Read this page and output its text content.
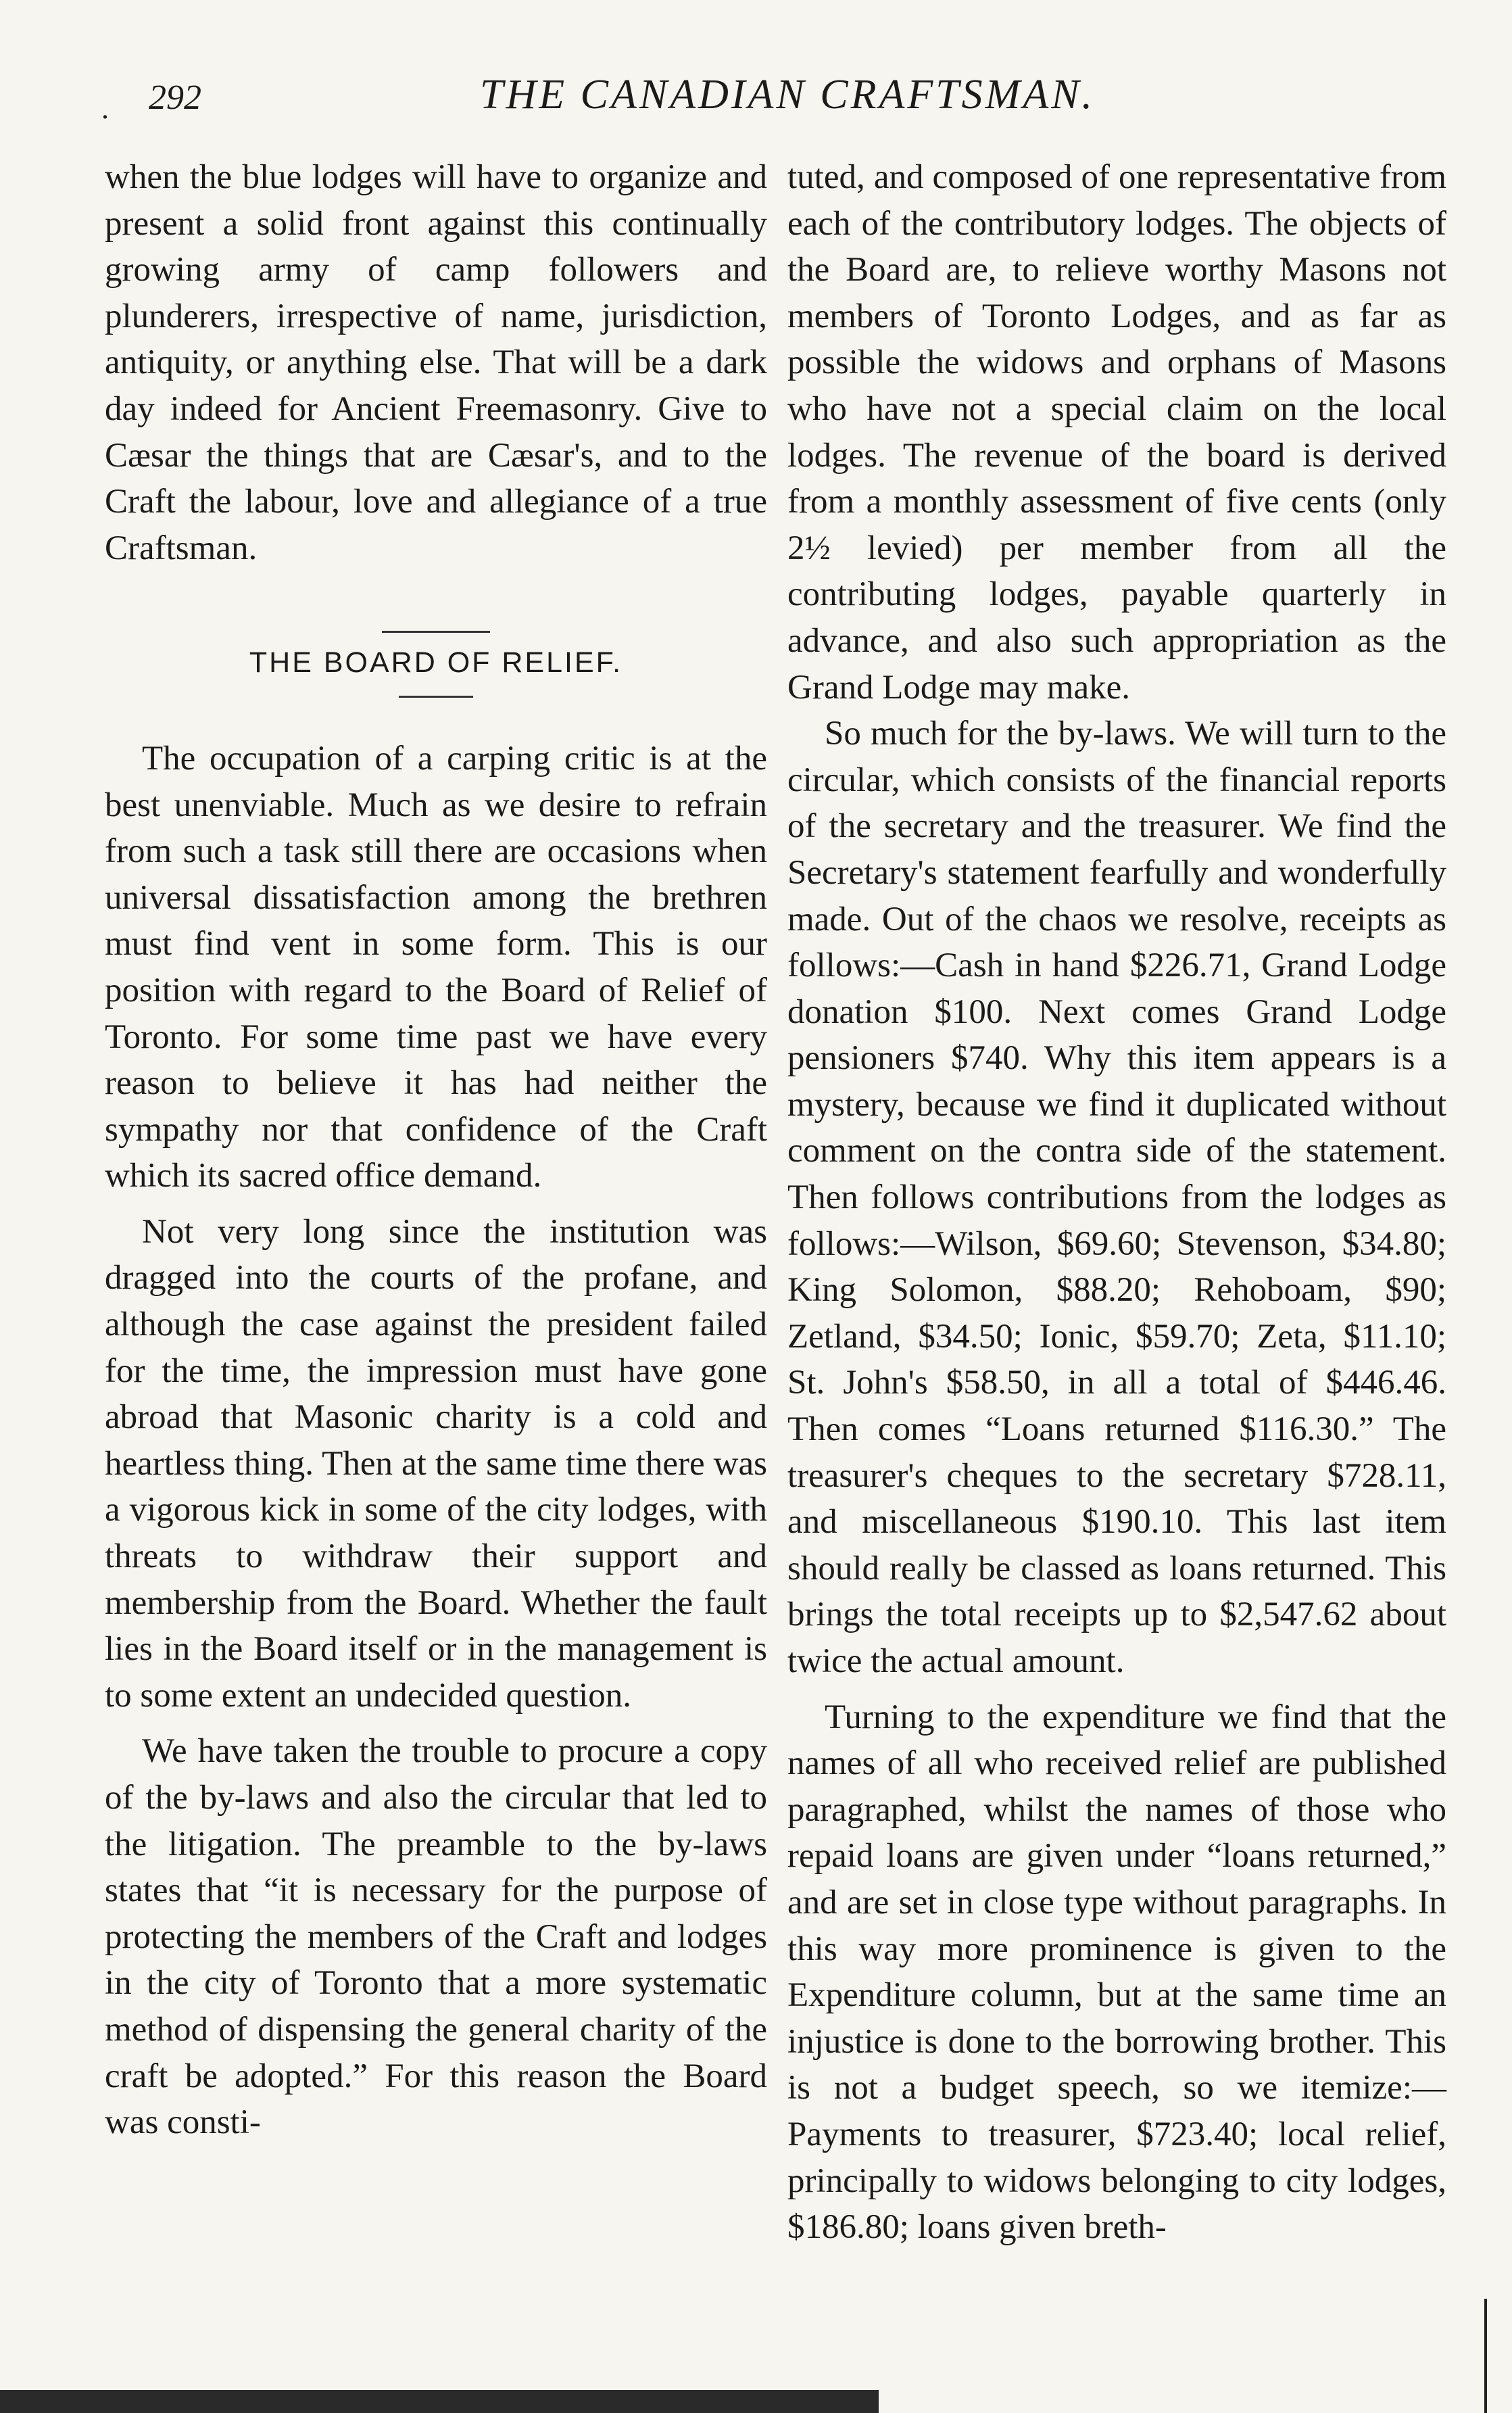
. 292	THE CANADIAN CRAFTSMAN.

when the blue lodges will have to organize and present a solid front against this continually growing army of camp followers and plunderers, irrespective of name, jurisdiction, antiquity, or anything else. That will be a dark day indeed for Ancient Freemasonry. Give to Cæsar the things that are Cæsar's, and to the Craft the labour, love and allegiance of a true Craftsman.

THE BOARD OF RELIEF.

The occupation of a carping critic is at the best unenviable. Much as we desire to refrain from such a task still there are occasions when universal dissatisfaction among the brethren must find vent in some form. This is our position with regard to the Board of Relief of Toronto. For some time past we have every reason to believe it has had neither the sympathy nor that confidence of the Craft which its sacred office demand.

Not very long since the institution was dragged into the courts of the profane, and although the case against the president failed for the time, the impression must have gone abroad that Masonic charity is a cold and heartless thing. Then at the same time there was a vigorous kick in some of the city lodges, with threats to withdraw their support and membership from the Board. Whether the fault lies in the Board itself or in the management is to some extent an undecided question.

We have taken the trouble to procure a copy of the by-laws and also the circular that led to the litigation. The preamble to the by-laws states that “it is necessary for the purpose of protecting the members of the Craft and lodges in the city of Toronto that a more systematic method of dispensing the general charity of the craft be adopted.” For this reason the Board was consti-

tuted, and composed of one representative from each of the contributory lodges. The objects of the Board are, to relieve worthy Masons not members of Toronto Lodges, and as far as possible the widows and orphans of Masons who have not a special claim on the local lodges. The revenue of the board is derived from a monthly assessment of five cents (only 2½ levied) per member from all the contributing lodges, payable quarterly in advance, and also such appropriation as the Grand Lodge may make.

So much for the by-laws. We will turn to the circular, which consists of the financial reports of the secretary and the treasurer. We find the Secretary's statement fearfully and wonderfully made. Out of the chaos we resolve, receipts as follows:—Cash in hand $226.71, Grand Lodge donation $100. Next comes Grand Lodge pensioners $740. Why this item appears is a mystery, because we find it duplicated without comment on the contra side of the statement. Then follows contributions from the lodges as follows:—Wilson, $69.60; Stevenson, $34.80; King Solomon, $88.20; Rehoboam, $90; Zetland, $34.50; Ionic, $59.70; Zeta, $11.10; St. John's $58.50, in all a total of $446.46. Then comes “Loans returned $116.30.” The treasurer's cheques to the secretary $728.11, and miscellaneous $190.10. This last item should really be classed as loans returned. This brings the total receipts up to $2,547.62 about twice the actual amount.

Turning to the expenditure we find that the names of all who received relief are published paragraphed, whilst the names of those who repaid loans are given under “loans returned,” and are set in close type without paragraphs. In this way more prominence is given to the Expenditure column, but at the same time an injustice is done to the borrowing brother. This is not a budget speech, so we itemize:—Payments to treasurer, $723.40; local relief, principally to widows belonging to city lodges, $186.80; loans given breth-
